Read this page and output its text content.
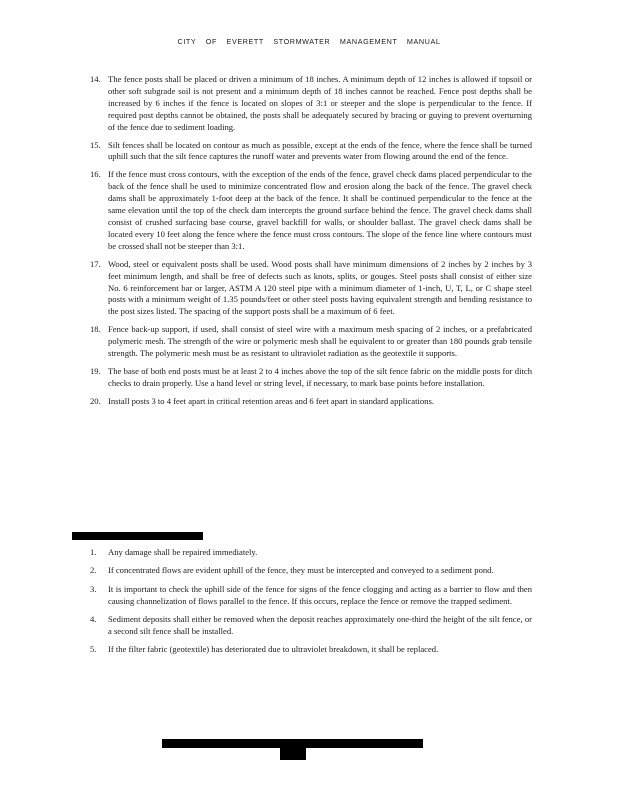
CITY OF EVERETT STORMWATER MANAGEMENT MANUAL
14. The fence posts shall be placed or driven a minimum of 18 inches. A minimum depth of 12 inches is allowed if topsoil or other soft subgrade soil is not present and a minimum depth of 18 inches cannot be reached. Fence post depths shall be increased by 6 inches if the fence is located on slopes of 3:1 or steeper and the slope is perpendicular to the fence. If required post depths cannot be obtained, the posts shall be adequately secured by bracing or guying to prevent overturning of the fence due to sediment loading.
15. Silt fences shall be located on contour as much as possible, except at the ends of the fence, where the fence shall be turned uphill such that the silt fence captures the runoff water and prevents water from flowing around the end of the fence.
16. If the fence must cross contours, with the exception of the ends of the fence, gravel check dams placed perpendicular to the back of the fence shall be used to minimize concentrated flow and erosion along the back of the fence. The gravel check dams shall be approximately 1-foot deep at the back of the fence. It shall be continued perpendicular to the fence at the same elevation until the top of the check dam intercepts the ground surface behind the fence. The gravel check dams shall consist of crushed surfacing base course, gravel backfill for walls, or shoulder ballast. The gravel check dams shall be located every 10 feet along the fence where the fence must cross contours. The slope of the fence line where contours must be crossed shall not be steeper than 3:1.
17. Wood, steel or equivalent posts shall be used. Wood posts shall have minimum dimensions of 2 inches by 2 inches by 3 feet minimum length, and shall be free of defects such as knots, splits, or gouges. Steel posts shall consist of either size No. 6 reinforcement bar or larger, ASTM A 120 steel pipe with a minimum diameter of 1-inch, U, T, L, or C shape steel posts with a minimum weight of 1.35 pounds/feet or other steel posts having equivalent strength and bending resistance to the post sizes listed. The spacing of the support posts shall be a maximum of 6 feet.
18. Fence back-up support, if used, shall consist of steel wire with a maximum mesh spacing of 2 inches, or a prefabricated polymeric mesh. The strength of the wire or polymeric mesh shall be equivalent to or greater than 180 pounds grab tensile strength. The polymeric mesh must be as resistant to ultraviolet radiation as the geotextile it supports.
19. The base of both end posts must be at least 2 to 4 inches above the top of the silt fence fabric on the middle posts for ditch checks to drain properly. Use a hand level or string level, if necessary, to mark base points before installation.
20. Install posts 3 to 4 feet apart in critical retention areas and 6 feet apart in standard applications.
1. Any damage shall be repaired immediately.
2. If concentrated flows are evident uphill of the fence, they must be intercepted and conveyed to a sediment pond.
3. It is important to check the uphill side of the fence for signs of the fence clogging and acting as a barrier to flow and then causing channelization of flows parallel to the fence. If this occurs, replace the fence or remove the trapped sediment.
4. Sediment deposits shall either be removed when the deposit reaches approximately one-third the height of the silt fence, or a second silt fence shall be installed.
5. If the filter fabric (geotextile) has deteriorated due to ultraviolet breakdown, it shall be replaced.
